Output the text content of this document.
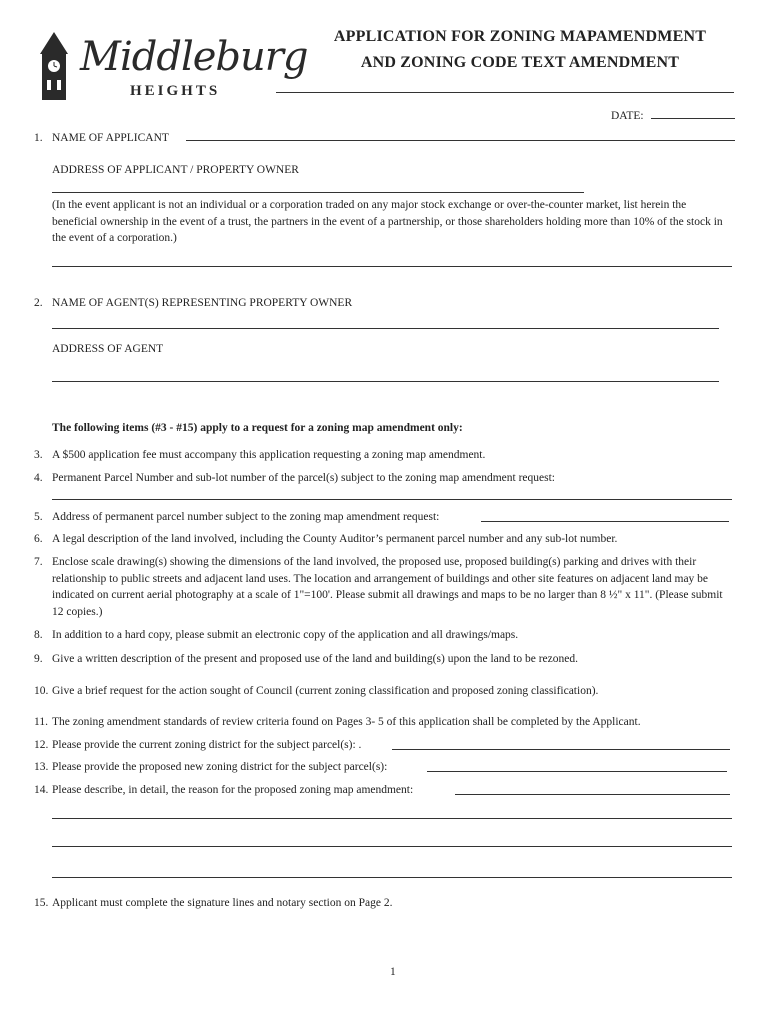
Middleburg
HEIGHTS
APPLICATION FOR ZONING MAPAMENDMENT
AND ZONING CODE TEXT AMENDMENT
DATE:
1. NAME OF APPLICANT
ADDRESS OF APPLICANT / PROPERTY OWNER
(In the event applicant is not an individual or a corporation traded on any major stock exchange or over-the-counter market, list herein the beneficial ownership in the event of a trust, the partners in the event of a partnership, or those shareholders holding more than 10% of the stock in the event of a corporation.)
2. NAME OF AGENT(S) REPRESENTING PROPERTY OWNER
ADDRESS OF AGENT
The following items (#3 - #15) apply to a request for a zoning map amendment only:
3. A $500 application fee must accompany this application requesting a zoning map amendment.
4. Permanent Parcel Number and sub-lot number of the parcel(s) subject to the zoning map amendment request:
5. Address of permanent parcel number subject to the zoning map amendment request:
6. A legal description of the land involved, including the County Auditor’s permanent parcel number and any sub-lot number.
7. Enclose scale drawing(s) showing the dimensions of the land involved, the proposed use, proposed building(s) parking and drives with their relationship to public streets and adjacent land uses. The location and arrangement of buildings and other site features on adjacent land may be indicated on current aerial photography at a scale of 1"=100'. Please submit all drawings and maps to be no larger than 8 ½" x 11". (Please submit 12 copies.)
8. In addition to a hard copy, please submit an electronic copy of the application and all drawings/maps.
9. Give a written description of the present and proposed use of the land and building(s) upon the land to be rezoned.
10. Give a brief request for the action sought of Council (current zoning classification and proposed zoning classification).
11. The zoning amendment standards of review criteria found on Pages 3- 5 of this application shall be completed by the Applicant.
12. Please provide the current zoning district for the subject parcel(s): .
13. Please provide the proposed new zoning district for the subject parcel(s):
14. Please describe, in detail, the reason for the proposed zoning map amendment:
15. Applicant must complete the signature lines and notary section on Page 2.
1
